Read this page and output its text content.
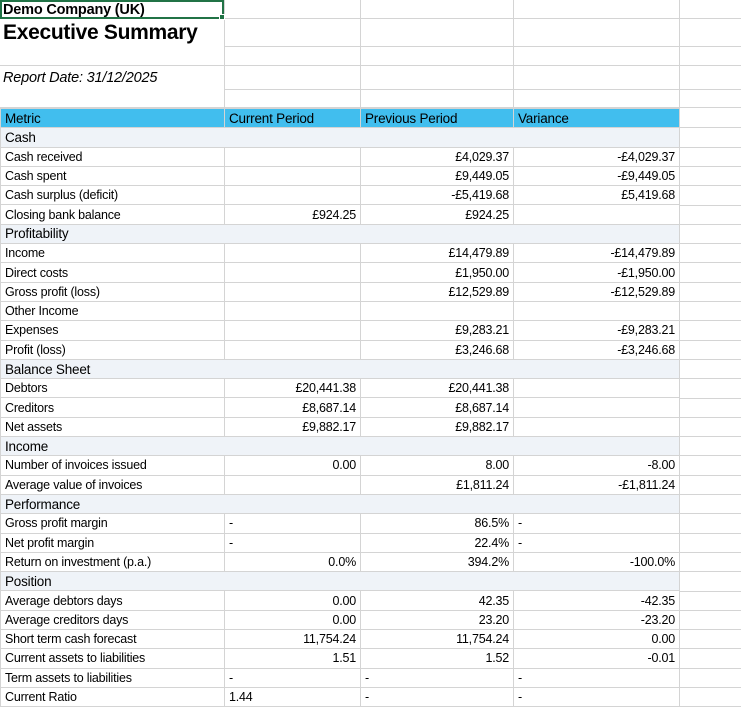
Demo Company (UK)
Executive Summary
Report Date: 31/12/2025
Metric	Current Period	Previous Period	Variance
Cash			
Cash received		£4,029.37	-£4,029.37
Cash spent		£9,449.05	-£9,449.05
Cash surplus (deficit)		-£5,419.68	£5,419.68
Closing bank balance	£924.25	£924.25	
Profitability			
Income		£14,479.89	-£14,479.89
Direct costs		£1,950.00	-£1,950.00
Gross profit (loss)		£12,529.89	-£12,529.89
Other Income			
Expenses		£9,283.21	-£9,283.21
Profit (loss)		£3,246.68	-£3,246.68
Balance Sheet			
Debtors	£20,441.38	£20,441.38	
Creditors	£8,687.14	£8,687.14	
Net assets	£9,882.17	£9,882.17	
Income			
Number of invoices issued	0.00	8.00	-8.00
Average value of invoices		£1,811.24	-£1,811.24
Performance			
Gross profit margin	-	86.5%	-
Net profit margin	-	22.4%	-
Return on investment (p.a.)	0.0%	394.2%	-100.0%
Position			
Average debtors days	0.00	42.35	-42.35
Average creditors days	0.00	23.20	-23.20
Short term cash forecast	11,754.24	11,754.24	0.00
Current assets to liabilities	1.51	1.52	-0.01
Term assets to liabilities	-	-	-
Current Ratio	1.44	-	-
